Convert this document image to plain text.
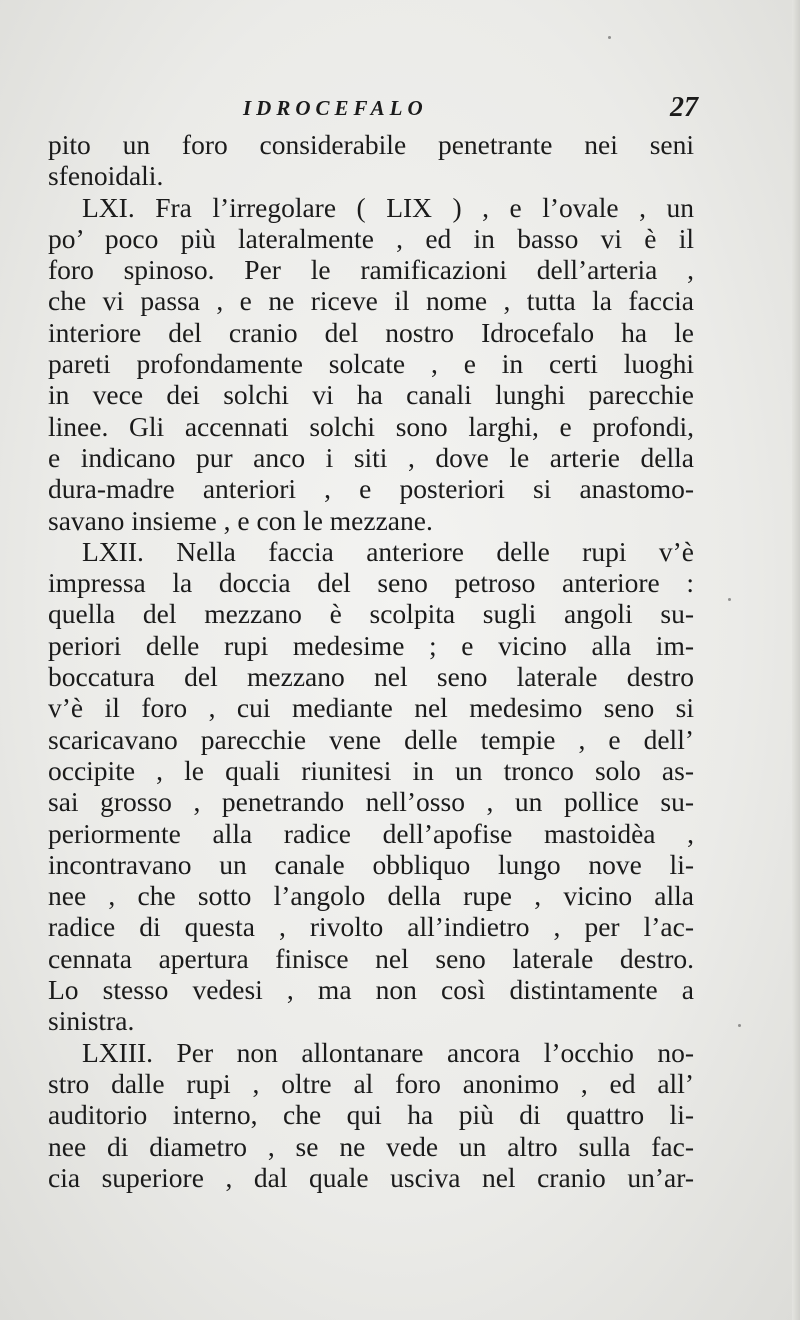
IDROCEFALO	27
pito un foro considerabile penetrante nei seni
sfenoidali.
LXI. Fra l’irregolare ( LIX ) , e l’ovale , un
po’ poco più lateralmente , ed in basso vi è il
foro spinoso. Per le ramificazioni dell’arteria ,
che vi passa , e ne riceve il nome , tutta la faccia
interiore del cranio del nostro Idrocefalo ha le
pareti profondamente solcate , e in certi luoghi
in vece dei solchi vi ha canali lunghi parecchie
linee. Gli accennati solchi sono larghi, e profondi,
e indicano pur anco i siti , dove le arterie della
dura-madre anteriori , e posteriori si anastomo-
savano insieme , e con le mezzane.
LXII. Nella faccia anteriore delle rupi v’è
impressa la doccia del seno petroso anteriore :
quella del mezzano è scolpita sugli angoli su-
periori delle rupi medesime ; e vicino alla im-
boccatura del mezzano nel seno laterale destro
v’è il foro , cui mediante nel medesimo seno si
scaricavano parecchie vene delle tempie , e dell’
occipite , le quali riunitesi in un tronco solo as-
sai grosso , penetrando nell’osso , un pollice su-
periormente alla radice dell’apofise mastoidèa ,
incontravano un canale obbliquo lungo nove li-
nee , che sotto l’angolo della rupe , vicino alla
radice di questa , rivolto all’indietro , per l’ac-
cennata apertura finisce nel seno laterale destro.
Lo stesso vedesi , ma non così distintamente a
sinistra.
LXIII. Per non allontanare ancora l’occhio no-
stro dalle rupi , oltre al foro anonimo , ed all’
auditorio interno, che qui ha più di quattro li-
nee di diametro , se ne vede un altro sulla fac-
cia superiore , dal quale usciva nel cranio un’ar-
